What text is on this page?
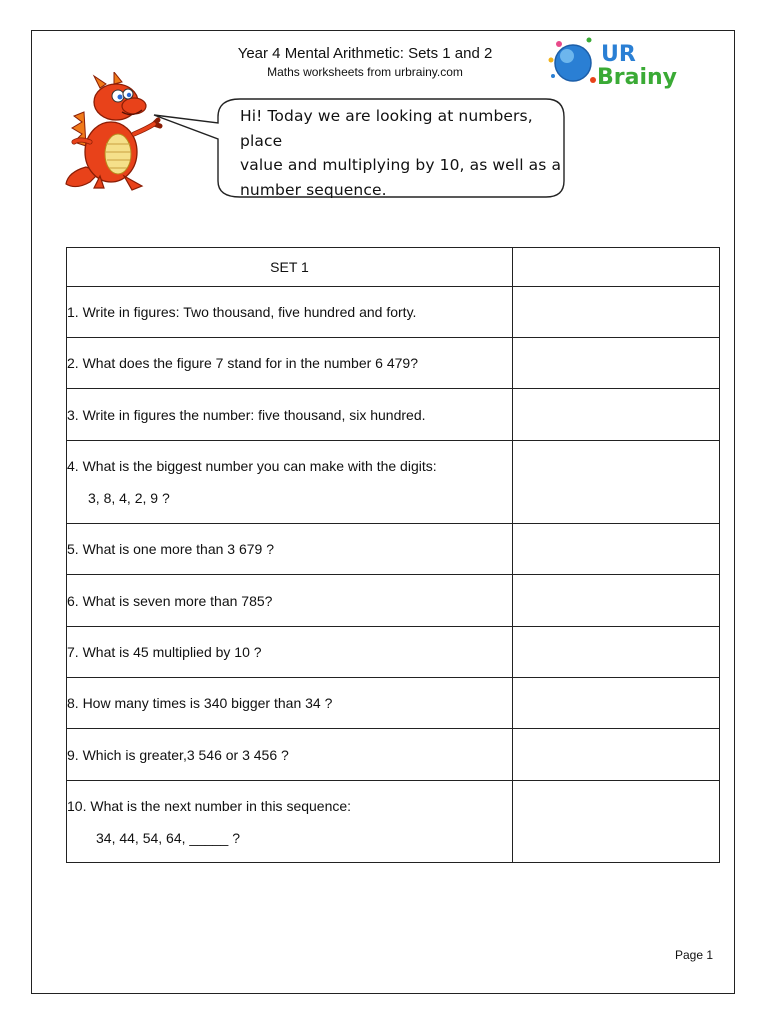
Year 4 Mental Arithmetic: Sets 1 and 2
Maths worksheets from urbrainy.com
UR
Brainy
Hi! Today we are looking at numbers, place
value and multiplying by 10, as well as a
number sequence.
SET 1	
1. Write in figures: Two thousand, five hundred and forty.	
2. What does the figure 7 stand for in the number 6 479?	
3. Write in figures the number: five thousand, six hundred.	
4. What is the biggest number you can make with the digits:
3, 8, 4, 2, 9 ?	

5. What is one more than 3 679 ?	
6. What is seven more than 785?	
7. What is 45 multiplied by 10 ?	
8. How many times is 340 bigger than 34 ?	
9. Which is greater,3 546 or 3 456 ?	
10. What is the next number in this sequence:
34, 44, 54, 64, _____ ?	

Page 1
